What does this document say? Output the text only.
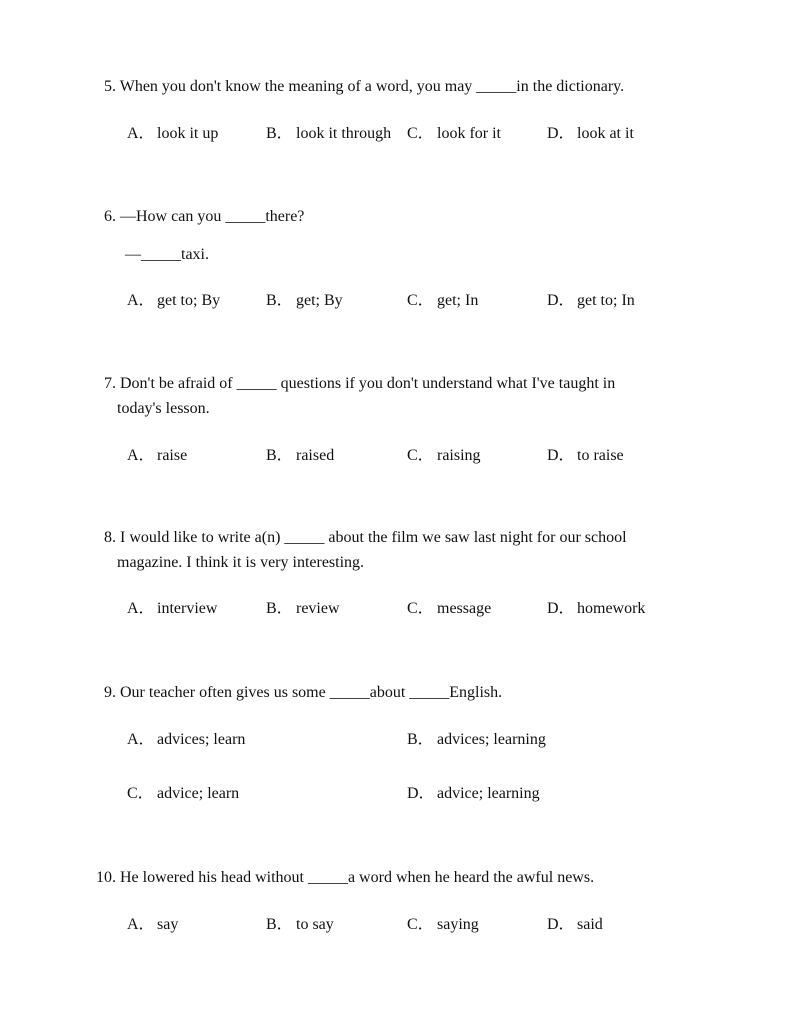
5. When you don't know the meaning of a word, you may _____in the dictionary.
A． look it up	B． look it through C． look for it	D． look at it
6. —How can you _____there?
—_____taxi.
A． get to; By	B． get; By	C． get; In	D． get to; In
7. Don't be afraid of _____ questions if you don't understand what I've taught in
today's lesson.
A． raise	B． raised	C． raising	D． to raise
8. I would like to write a(n) _____ about the film we saw last night for our school
magazine. I think it is very interesting.
A． interview	B． review	C． message	D． homework
9. Our teacher often gives us some _____about _____English.
A． advices; learn	B． advices; learning
C． advice; learn	D． advice; learning
10. He lowered his head without _____a word when he heard the awful news.
A． say	B． to say	C． saying	D． said
